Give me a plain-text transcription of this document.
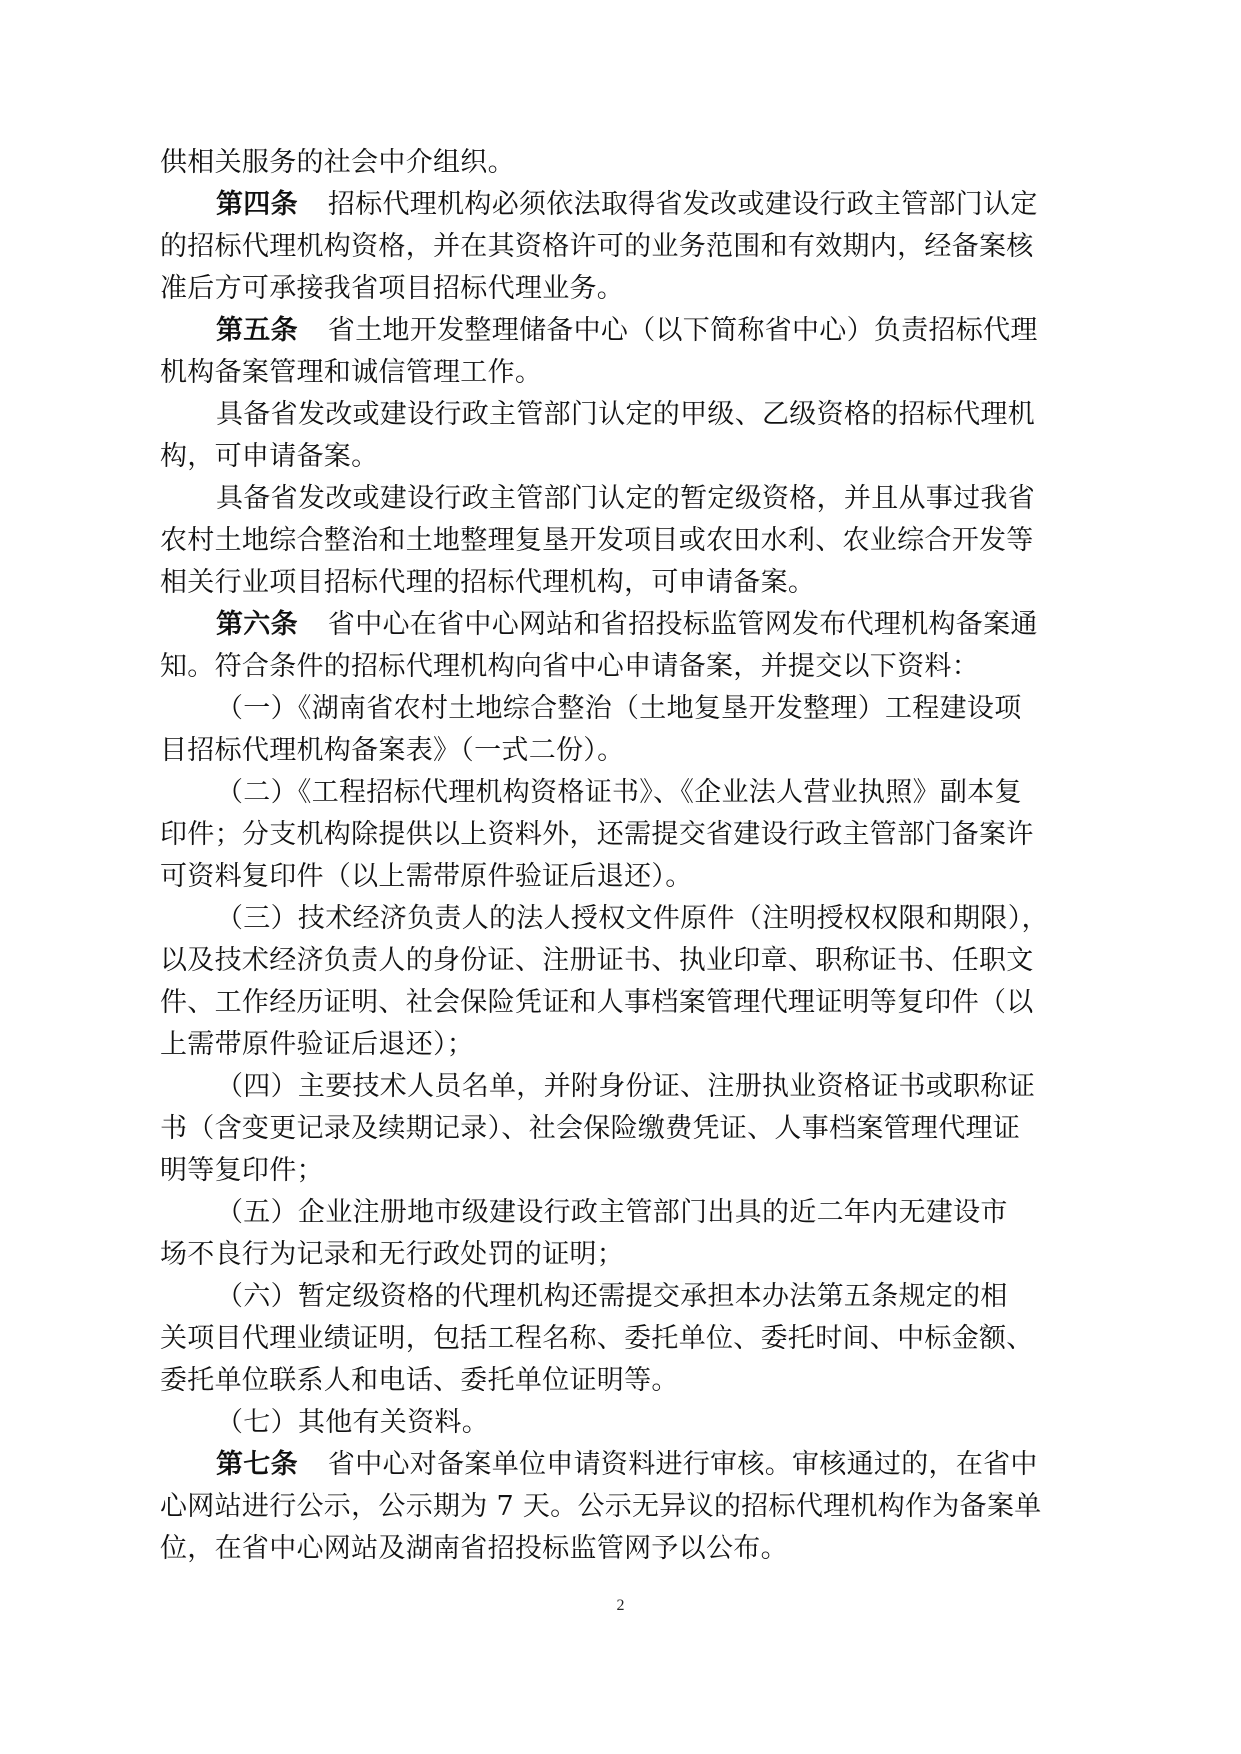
供相关服务的社会中介组织。
第四条 招标代理机构必须依法取得省发改或建设行政主管部门认定
的招标代理机构资格，并在其资格许可的业务范围和有效期内，经备案核
准后方可承接我省项目招标代理业务。
第五条 省土地开发整理储备中心（以下简称省中心）负责招标代理
机构备案管理和诚信管理工作。
具备省发改或建设行政主管部门认定的甲级、乙级资格的招标代理机
构，可申请备案。
具备省发改或建设行政主管部门认定的暂定级资格，并且从事过我省
农村土地综合整治和土地整理复垦开发项目或农田水利、农业综合开发等
相关行业项目招标代理的招标代理机构，可申请备案。
第六条 省中心在省中心网站和省招投标监管网发布代理机构备案通
知。符合条件的招标代理机构向省中心申请备案，并提交以下资料：
（一）《湖南省农村土地综合整治（土地复垦开发整理）工程建设项
目招标代理机构备案表》（一式二份）。
（二）《工程招标代理机构资格证书》、《企业法人营业执照》副本复
印件；分支机构除提供以上资料外，还需提交省建设行政主管部门备案许
可资料复印件（以上需带原件验证后退还）。
（三）技术经济负责人的法人授权文件原件（注明授权权限和期限），
以及技术经济负责人的身份证、注册证书、执业印章、职称证书、任职文
件、工作经历证明、社会保险凭证和人事档案管理代理证明等复印件（以
上需带原件验证后退还）；
（四）主要技术人员名单，并附身份证、注册执业资格证书或职称证
书（含变更记录及续期记录）、社会保险缴费凭证、人事档案管理代理证
明等复印件；
（五）企业注册地市级建设行政主管部门出具的近二年内无建设市
场不良行为记录和无行政处罚的证明；
（六）暂定级资格的代理机构还需提交承担本办法第五条规定的相
关项目代理业绩证明，包括工程名称、委托单位、委托时间、中标金额、
委托单位联系人和电话、委托单位证明等。
（七）其他有关资料。
第七条 省中心对备案单位申请资料进行审核。审核通过的，在省中
心网站进行公示，公示期为 7 天。公示无异议的招标代理机构作为备案单
位，在省中心网站及湖南省招投标监管网予以公布。
2
